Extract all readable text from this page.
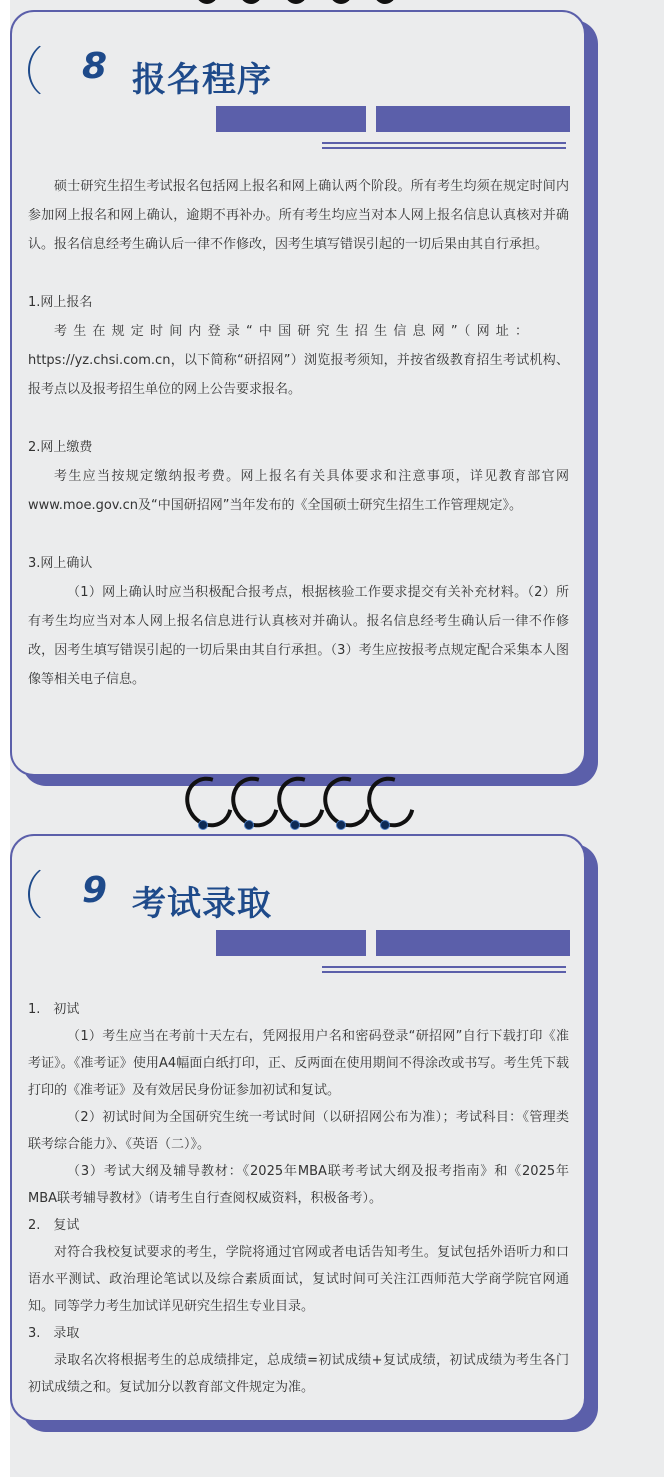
8 报名程序

硕士研究生招生考试报名包括网上报名和网上确认两个阶段。所有考生均须在规定时间内参加网上报名和网上确认，逾期不再补办。所有考生均应当对本人网上报名信息认真核对并确认。报名信息经考生确认后一律不作修改，因考生填写错误引起的一切后果由其自行承担。

1.网上报名

考生在规定时间内登录“中国研究生招生信息网”（网址：

https://yz.chsi.com.cn，以下简称“研招网”）浏览报考须知，并按省级教育招生考试机构、报考点以及报考招生单位的网上公告要求报名。

2.网上缴费

考生应当按规定缴纳报考费。网上报名有关具体要求和注意事项，详见教育部官网www.moe.gov.cn及“中国研招网”当年发布的《全国硕士研究生招生工作管理规定》。

3.网上确认

（1）网上确认时应当积极配合报考点，根据核验工作要求提交有关补充材料。（2）所有考生均应当对本人网上报名信息进行认真核对并确认。报名信息经考生确认后一律不作修改，因考生填写错误引起的一切后果由其自行承担。（3）考生应按报考点规定配合采集本人图像等相关电子信息。

9 考试录取

1.　初试

（1）考生应当在考前十天左右，凭网报用户名和密码登录“研招网”自行下载打印《准考证》。《准考证》使用A4幅面白纸打印，正、反两面在使用期间不得涂改或书写。考生凭下载打印的《准考证》及有效居民身份证参加初试和复试。

（2）初试时间为全国研究生统一考试时间（以研招网公布为准）；考试科目：《管理类联考综合能力》、《英语（二）》。

（3）考试大纲及辅导教材：《2025年MBA联考考试大纲及报考指南》和《2025年MBA联考辅导教材》（请考生自行查阅权威资料，积极备考）。

2.　复试

对符合我校复试要求的考生，学院将通过官网或者电话告知考生。复试包括外语听力和口语水平测试、政治理论笔试以及综合素质面试，复试时间可关注江西师范大学商学院官网通知。同等学力考生加试详见研究生招生专业目录。

3.　录取

录取名次将根据考生的总成绩排定，总成绩=初试成绩+复试成绩，初试成绩为考生各门初试成绩之和。复试加分以教育部文件规定为准。
